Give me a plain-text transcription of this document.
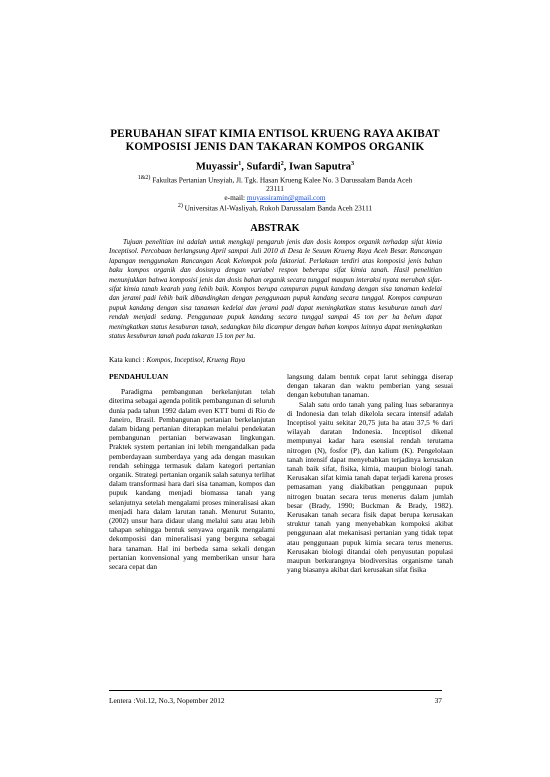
PERUBAHAN SIFAT KIMIA ENTISOL KRUENG RAYA AKIBAT
KOMPOSISI JENIS DAN TAKARAN KOMPOS ORGANIK
Muyassir$^1$, Sufardi$^2$, Iwan Saputra$^3$
$^{1\&2)}$ Fakultas Pertanian Unsyiah, Jl. Tgk. Hasan Krueng Kalee No. 3 Darussalam Banda Aceh
23111
e-mail: muyassiramin@gmail.com
$^{2)}$ Universitas Al-Wasliyah, Rukoh Darussalam Banda Aceh 23111
ABSTRAK
Tujuan penelitian ini adalah untuk mengkaji pengaruh jenis dan dosis kompos organik terhadap sifat kimia Inceptisol. Percobaan berlangsung April sampai Juli 2010 di Desa Ie Seuum Krueng Raya Aceh Besar. Rancangan lapangan menggunakan Rancangan Acak Kelompok pola faktorial. Perlakuan terdiri atas komposisi jenis bahan baku kompos organik dan dosisnya dengan variabel respon beberapa sifat kimia tanah. Hasil penelitian menunjukkan bahwa komposisi jenis dan dosis bahan organik secara tunggal maupun interaksi nyata merubah sifat-sifat kimia tanah kearah yang lebih baik. Kompos berupa campuran pupuk kandang dengan sisa tanaman kedelai dan jerami padi lebih baik dibandingkan dengan penggunaan pupuk kandang secara tunggal. Kompos campuran pupuk kandang dengan sisa tanaman kedelai dan jerami padi dapat meningkatkan status kesuburan tanah dari rendah menjadi sedang. Penggunaan pupuk kandang secara tunggal sampai 45 ton per ha belum dapat meningkatkan status kesuburan tanah, sedangkan bila dicampur dengan bahan kompos lainnya dapat meningkatkan status kesuburan tanah pada takaran 15 ton per ha.
Kata kunci : Kompos, Inceptisol, Krueng Raya
PENDAHULUAN

Paradigma pembangunan berkelanjutan telah diterima sebagai agenda politik pembangunan di seluruh dunia pada tahun 1992 dalam even KTT bumi di Rio de Janeiro, Brasil. Pembangunan pertanian berkelanjutan dalam bidang pertanian diterapkan melalui pendekatan pembangunan pertanian berwawasan lingkungan. Praktek system pertanian ini lebih mengandalkan pada pemberdayaan sumberdaya yang ada dengan masukan rendah sehingga termasuk dalam kategori pertanian organik. Strategi pertanian organik salah satunya terlihat dalam transformasi hara dari sisa tanaman, kompos dan pupuk kandang menjadi biomassa tanah yang selanjutnya setelah mengalami proses mineralisasi akan menjadi hara dalam larutan tanah. Menurut Sutanto, (2002) unsur hara didaur ulang melalui satu atau lebih tahapan sehingga bentuk senyawa organik mengalami dekomposisi dan mineralisasi yang berguna sebagai hara tanaman. Hal ini berbeda sama sekali dengan pertanian konvensional yang memberikan unsur hara secara cepat dan

langsung dalam bentuk cepat larut sehingga diserap dengan takaran dan waktu pemberian yang sesuai dengan kebutuhan tanaman.

Salah satu ordo tanah yang paling luas sebarannya di Indonesia dan telah dikelola secara intensif adalah Inceptisol yaitu sekitar 20,75 juta ha atau 37,5 % dari wilayah daratan Indonesia. Inceptisol dikenal mempunyai kadar hara esensial rendah terutama nitrogen (N), fosfor (P), dan kalium (K). Pengelolaan tanah intensif dapat menyebabkan terjadinya kerusakan tanah baik sifat, fisika, kimia, maupun biologi tanah. Kerusakan sifat kimia tanah dapat terjadi karena proses pemasaman yang diakibatkan penggunaan pupuk nitrogen buatan secara terus menerus dalam jumlah besar (Brady, 1990; Buckman & Brady, 1982). Kerusakan tanah secara fisik dapat berupa kerusakan struktur tanah yang menyebabkan kompoksi akibat penggunaan alat mekanisasi pertanian yang tidak tepat atau penggunaan pupuk kimia secara terus menerus. Kerusakan biologi ditandai oleh penyusutan populasi maupun berkurangnya biodiversitas organisme tanah yang biasanya akibat dari kerusakan sifat fisika

Lentera :Vol.12, No.3, Nopember 2012	37
